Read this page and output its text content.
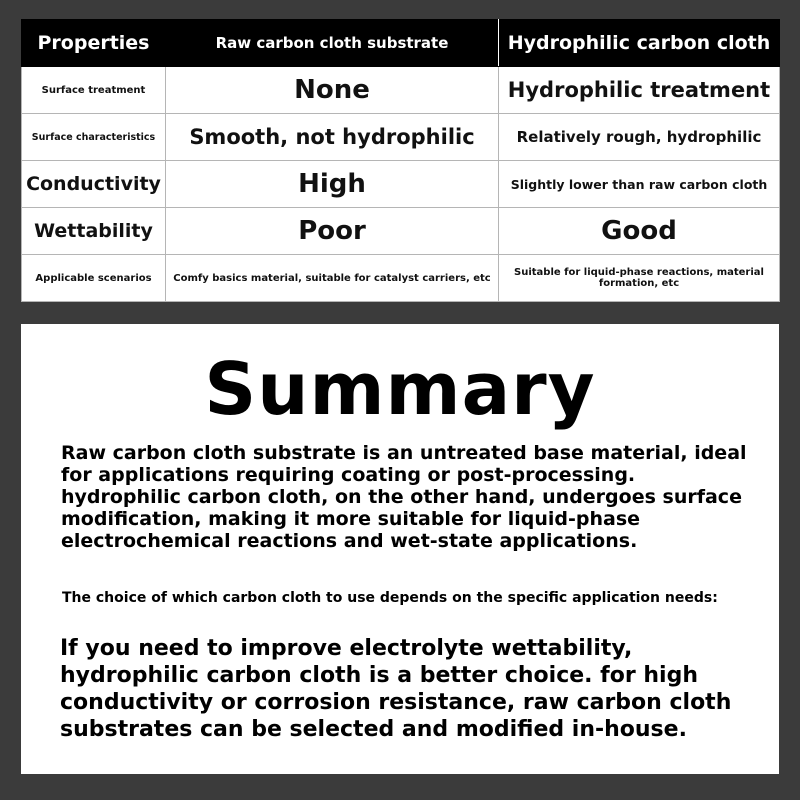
Properties	Raw carbon cloth substrate	Hydrophilic carbon cloth
Surface treatment	None	Hydrophilic treatment
Surface characteristics	Smooth, not hydrophilic	Relatively rough, hydrophilic
Conductivity	High	Slightly lower than raw carbon cloth
Wettability	Poor	Good
Applicable scenarios	Comfy basics material, suitable for catalyst carriers, etc	Suitable for liquid-phase reactions, material formation, etc
Summary
Raw carbon cloth substrate is an untreated base material, ideal for applications requiring coating or post-processing. hydrophilic carbon cloth, on the other hand, undergoes surface modification, making it more suitable for liquid-phase electrochemical reactions and wet-state applications.
The choice of which carbon cloth to use depends on the specific application needs:
If you need to improve electrolyte wettability, hydrophilic carbon cloth is a better choice. for high conductivity or corrosion resistance, raw carbon cloth substrates can be selected and modified in-house.
